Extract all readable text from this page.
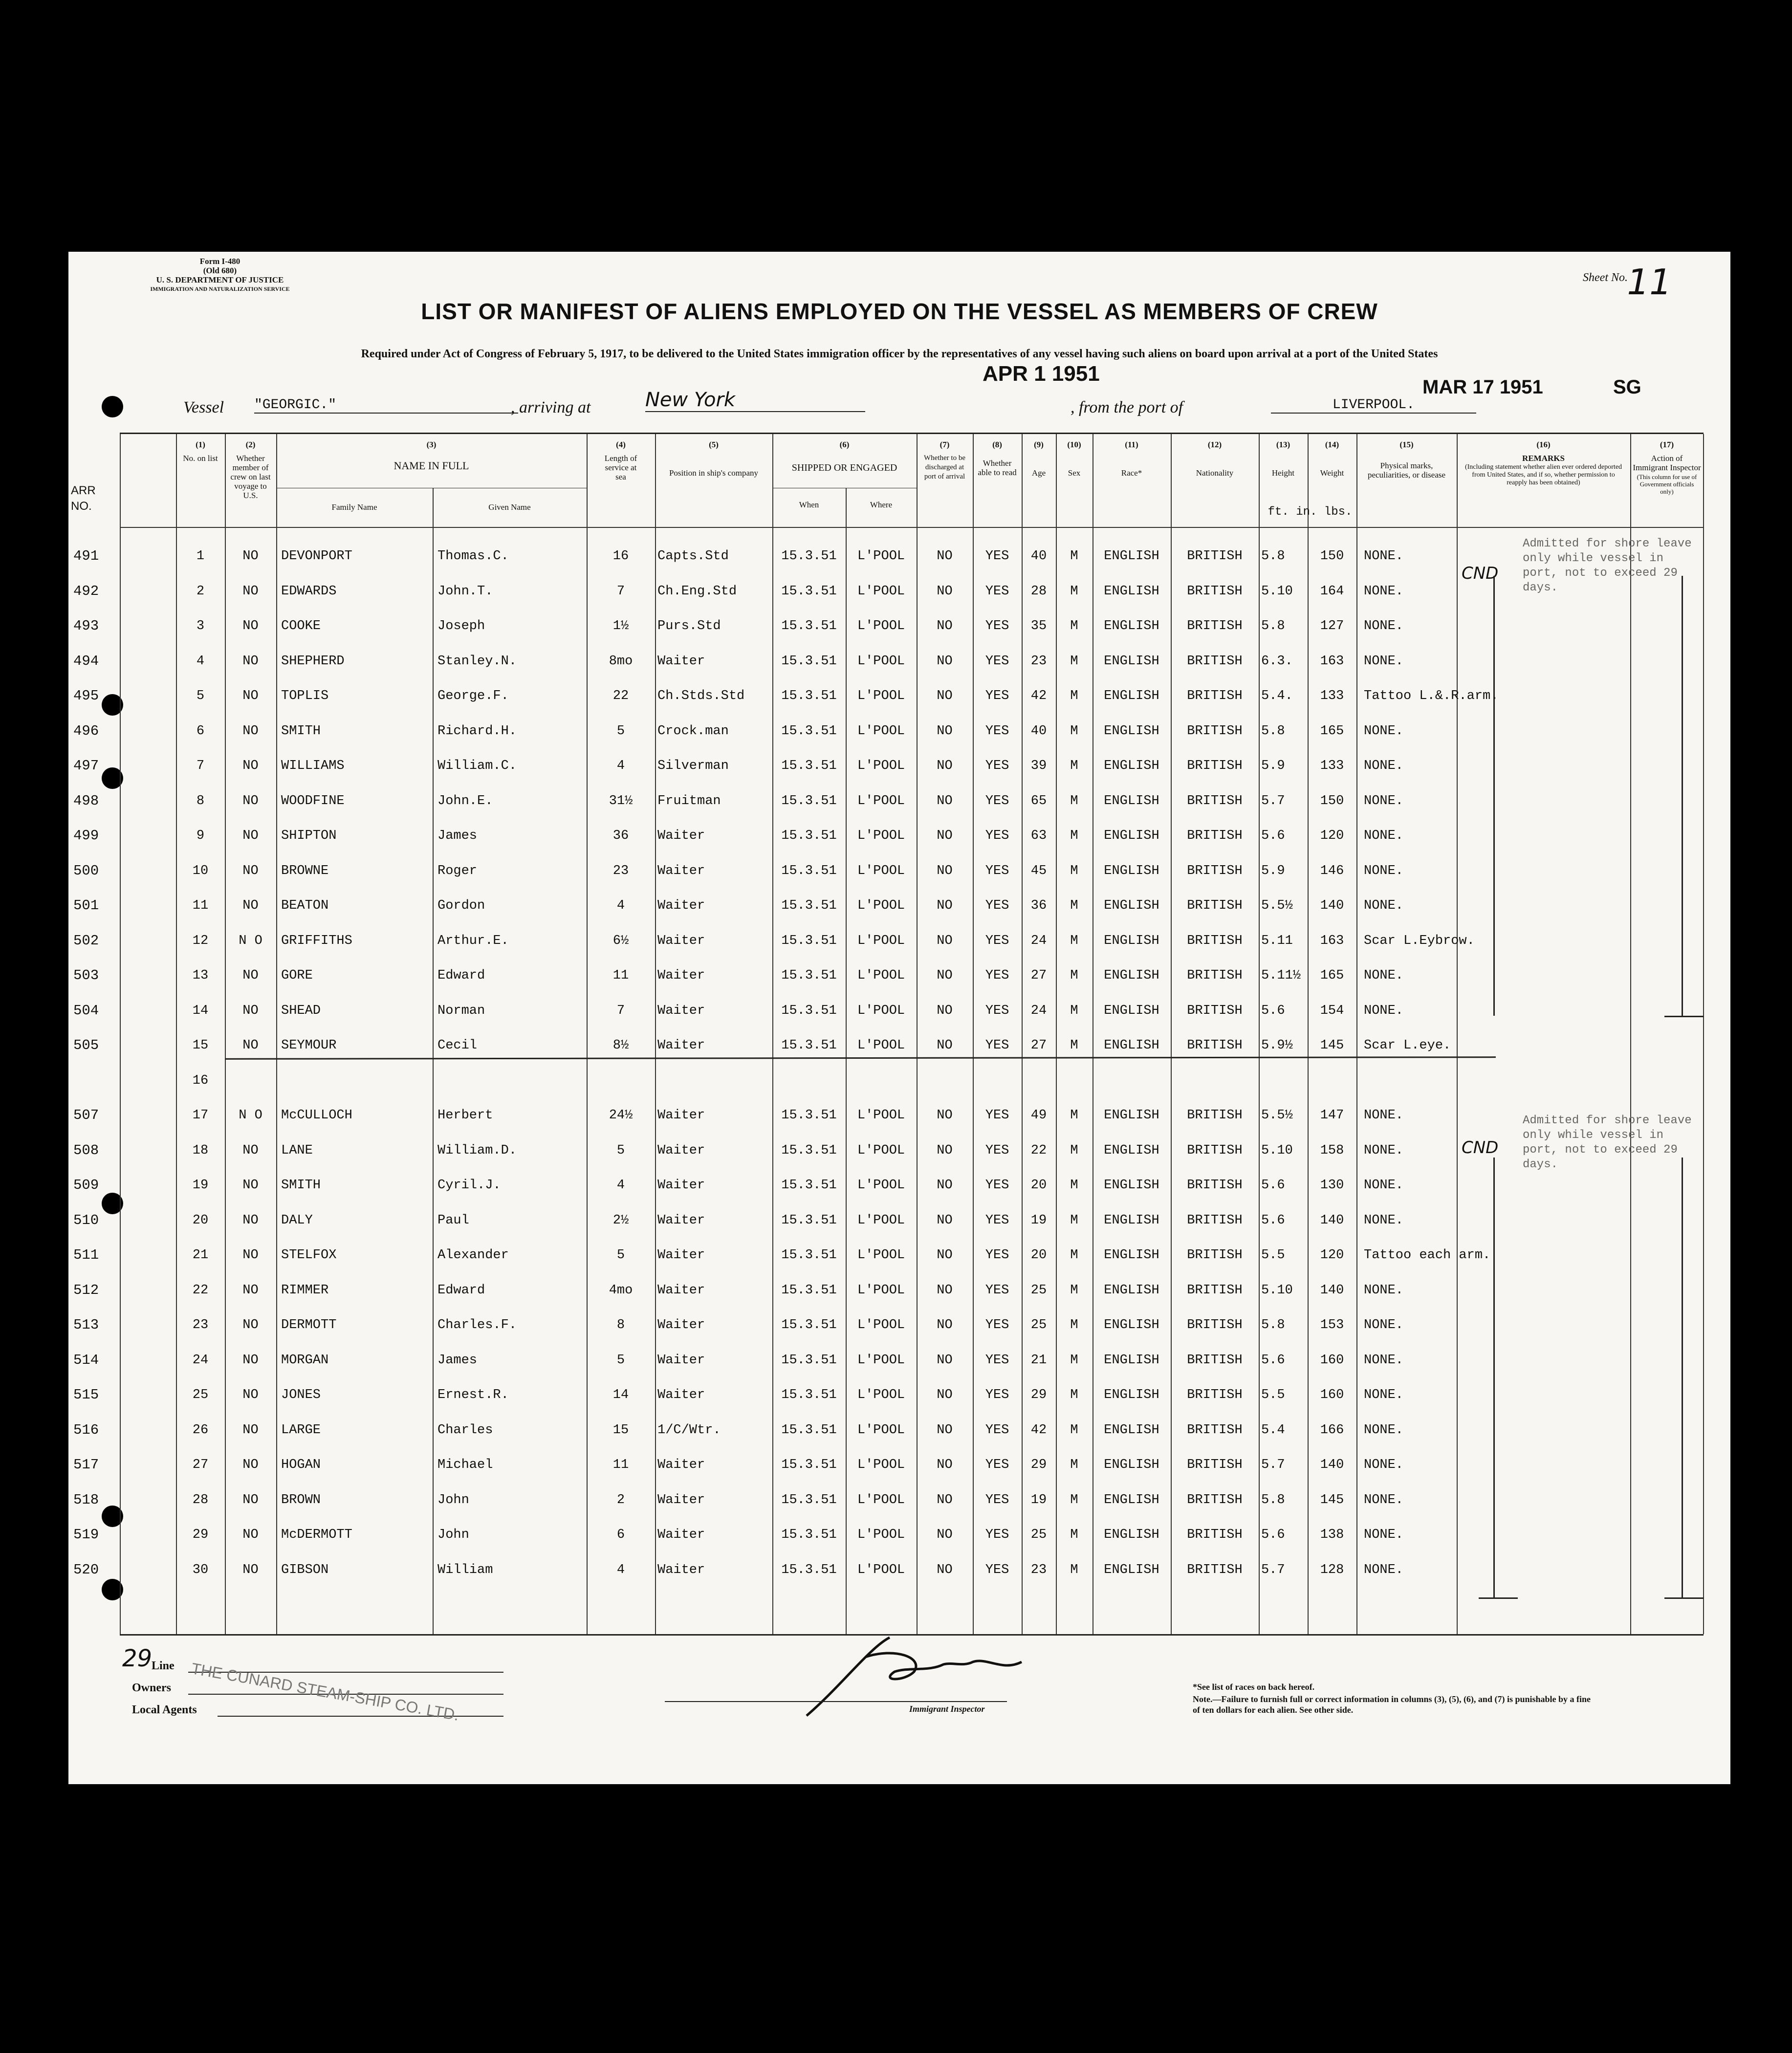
Form I-480
(Old 680)
U. S. DEPARTMENT OF JUSTICE
IMMIGRATION AND NATURALIZATION SERVICE
Sheet No.
11
LIST OR MANIFEST OF ALIENS EMPLOYED ON THE VESSEL AS MEMBERS OF CREW
Required under Act of Congress of February 5, 1917, to be delivered to the United States immigration officer by the representatives of any vessel having such aliens on board upon arrival at a port of the United States
Vessel "GEORGIC."	, arriving at	New York
APR 1 1951
, from the port of	LIVERPOOL.
MAR 17 1951	SG
(1)
No. on list
(2)
Whether member of crew on last voyage to U.S.
(3)
NAME IN FULL
Family Name	Given Name
(4)
Length of service at sea
(5)
Position in ship's company
(6)
SHIPPED OR ENGAGED
When	Where
(7)
Whether to be discharged at port of arrival
(8)
Whether able to read
(9)
Age
(10)
Sex
(11)
Race*
(12)
Nationality
(13)
Height
(14)
Weight
ft. in. lbs.
(15)
Physical marks, peculiarities, or disease
(16)
REMARKS
(Including statement whether alien ever ordered deported from United States, and if so, whether permission to reapply has been obtained)
(17)
Action of Immigrant Inspector
(This column for use of Government officials only)
ARR NO.
491	1	NO	DEVONPORT	Thomas.C.	16	Capts.Std	15.3.51	L'POOL	NO	YES	40	M	ENGLISH	BRITISH	5.8	150	NONE.
492	2	NO	EDWARDS	John.T.	7	Ch.Eng.Std	15.3.51	L'POOL	NO	YES	28	M	ENGLISH	BRITISH	5.10	164	NONE.
493	3	NO	COOKE	Joseph	1½	Purs.Std	15.3.51	L'POOL	NO	YES	35	M	ENGLISH	BRITISH	5.8	127	NONE.
494	4	NO	SHEPHERD	Stanley.N.	8mo	Waiter	15.3.51	L'POOL	NO	YES	23	M	ENGLISH	BRITISH	6.3.	163	NONE.
495	5	NO	TOPLIS	George.F.	22	Ch.Stds.Std	15.3.51	L'POOL	NO	YES	42	M	ENGLISH	BRITISH	5.4.	133	Tattoo L.&.R.arm.
496	6	NO	SMITH	Richard.H.	5	Crock.man	15.3.51	L'POOL	NO	YES	40	M	ENGLISH	BRITISH	5.8	165	NONE.
497	7	NO	WILLIAMS	William.C.	4	Silverman	15.3.51	L'POOL	NO	YES	39	M	ENGLISH	BRITISH	5.9	133	NONE.
498	8	NO	WOODFINE	John.E.	31½	Fruitman	15.3.51	L'POOL	NO	YES	65	M	ENGLISH	BRITISH	5.7	150	NONE.
499	9	NO	SHIPTON	James	36	Waiter	15.3.51	L'POOL	NO	YES	63	M	ENGLISH	BRITISH	5.6	120	NONE.
500	10	NO	BROWNE	Roger	23	Waiter	15.3.51	L'POOL	NO	YES	45	M	ENGLISH	BRITISH	5.9	146	NONE.
501	11	NO	BEATON	Gordon	4	Waiter	15.3.51	L'POOL	NO	YES	36	M	ENGLISH	BRITISH	5.5½	140	NONE.
502	12	N O	GRIFFITHS	Arthur.E.	6½	Waiter	15.3.51	L'POOL	NO	YES	24	M	ENGLISH	BRITISH	5.11	163	Scar L.Eybrow.
503	13	NO	GORE	Edward	11	Waiter	15.3.51	L'POOL	NO	YES	27	M	ENGLISH	BRITISH	5.11½	165	NONE.
504	14	NO	SHEAD	Norman	7	Waiter	15.3.51	L'POOL	NO	YES	24	M	ENGLISH	BRITISH	5.6	154	NONE.
505	15	NO	SEYMOUR	Cecil	8½	Waiter	15.3.51	L'POOL	NO	YES	27	M	ENGLISH	BRITISH	5.9½	145	Scar L.eye.
16
507	17	N O	McCULLOCH	Herbert	24½	Waiter	15.3.51	L'POOL	NO	YES	49	M	ENGLISH	BRITISH	5.5½	147	NONE.
508	18	NO	LANE	William.D.	5	Waiter	15.3.51	L'POOL	NO	YES	22	M	ENGLISH	BRITISH	5.10	158	NONE.
509	19	NO	SMITH	Cyril.J.	4	Waiter	15.3.51	L'POOL	NO	YES	20	M	ENGLISH	BRITISH	5.6	130	NONE.
510	20	NO	DALY	Paul	2½	Waiter	15.3.51	L'POOL	NO	YES	19	M	ENGLISH	BRITISH	5.6	140	NONE.
511	21	NO	STELFOX	Alexander	5	Waiter	15.3.51	L'POOL	NO	YES	20	M	ENGLISH	BRITISH	5.5	120	Tattoo each arm.
512	22	NO	RIMMER	Edward	4mo	Waiter	15.3.51	L'POOL	NO	YES	25	M	ENGLISH	BRITISH	5.10	140	NONE.
513	23	NO	DERMOTT	Charles.F.	8	Waiter	15.3.51	L'POOL	NO	YES	25	M	ENGLISH	BRITISH	5.8	153	NONE.
514	24	NO	MORGAN	James	5	Waiter	15.3.51	L'POOL	NO	YES	21	M	ENGLISH	BRITISH	5.6	160	NONE.
515	25	NO	JONES	Ernest.R.	14	Waiter	15.3.51	L'POOL	NO	YES	29	M	ENGLISH	BRITISH	5.5	160	NONE.
516	26	NO	LARGE	Charles	15	1/C/Wtr.	15.3.51	L'POOL	NO	YES	42	M	ENGLISH	BRITISH	5.4	166	NONE.
517	27	NO	HOGAN	Michael	11	Waiter	15.3.51	L'POOL	NO	YES	29	M	ENGLISH	BRITISH	5.7	140	NONE.
518	28	NO	BROWN	John	2	Waiter	15.3.51	L'POOL	NO	YES	19	M	ENGLISH	BRITISH	5.8	145	NONE.
519	29	NO	McDERMOTT	John	6	Waiter	15.3.51	L'POOL	NO	YES	25	M	ENGLISH	BRITISH	5.6	138	NONE.
520	30	NO	GIBSON	William	4	Waiter	15.3.51	L'POOL	NO	YES	23	M	ENGLISH	BRITISH	5.7	128	NONE.
Admitted for shore leave only while vessel in port, not to exceed 29 days.
CND
Admitted for shore leave only while vessel in port, not to exceed 29 days.
CND
29
Line
Owners
Local Agents
THE CUNARD STEAM-SHIP CO. LTD.	Immigrant Inspector
*See list of races on back hereof.
Note.—Failure to furnish full or correct information in columns (3), (5), (6), and (7) is punishable by a fine of ten dollars for each alien. See other side.
